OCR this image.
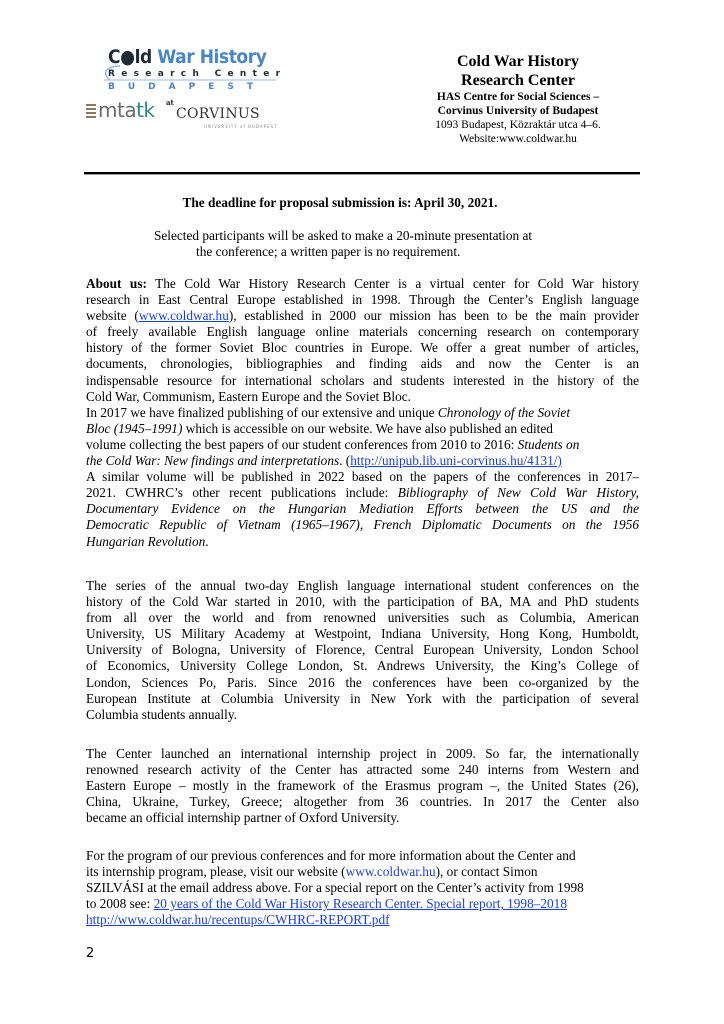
C●ld War History
Research Center
BUDAPEST
mtatk at
CORVINUS
UNIVERSITY of BUDAPEST
Cold War History
Research Center
HAS Centre for Social Sciences –
Corvinus University of Budapest
1093 Budapest, Közraktár utca 4–6.
Website:www.coldwar.hu
The deadline for proposal submission is: April 30, 2021.
Selected participants will be asked to make a 20-minute presentation at
the conference; a written paper is no requirement.
About us: The Cold War History Research Center is a virtual center for Cold War history
research in East Central Europe established in 1998. Through the Center’s English language
website (www.coldwar.hu), established in 2000 our mission has been to be the main provider
of freely available English language online materials concerning research on contemporary
history of the former Soviet Bloc countries in Europe. We offer a great number of articles,
documents, chronologies, bibliographies and finding aids and now the Center is an
indispensable resource for international scholars and students interested in the history of the
Cold War, Communism, Eastern Europe and the Soviet Bloc.
In 2017 we have finalized publishing of our extensive and unique Chronology of the Soviet
Bloc (1945–1991) which is accessible on our website. We have also published an edited
volume collecting the best papers of our student conferences from 2010 to 2016: Students on
the Cold War: New findings and interpretations. (http://unipub.lib.uni-corvinus.hu/4131/)
A similar volume will be published in 2022 based on the papers of the conferences in 2017–
2021. CWHRC’s other recent publications include: Bibliography of New Cold War History,
Documentary Evidence on the Hungarian Mediation Efforts between the US and the
Democratic Republic of Vietnam (1965–1967), French Diplomatic Documents on the 1956
Hungarian Revolution.
The series of the annual two-day English language international student conferences on the
history of the Cold War started in 2010, with the participation of BA, MA and PhD students
from all over the world and from renowned universities such as Columbia, American
University, US Military Academy at Westpoint, Indiana University, Hong Kong, Humboldt,
University of Bologna, University of Florence, Central European University, London School
of Economics, University College London, St. Andrews University, the King’s College of
London, Sciences Po, Paris. Since 2016 the conferences have been co-organized by the
European Institute at Columbia University in New York with the participation of several
Columbia students annually.
The Center launched an international internship project in 2009. So far, the internationally
renowned research activity of the Center has attracted some 240 interns from Western and
Eastern Europe – mostly in the framework of the Erasmus program –, the United States (26),
China, Ukraine, Turkey, Greece; altogether from 36 countries. In 2017 the Center also
became an official internship partner of Oxford University.
For the program of our previous conferences and for more information about the Center and
its internship program, please, visit our website (www.coldwar.hu), or contact Simon
SZILVÁSI at the email address above. For a special report on the Center’s activity from 1998
to 2008 see: 20 years of the Cold War History Research Center. Special report, 1998–2018
http://www.coldwar.hu/recentups/CWHRC-REPORT.pdf
2
